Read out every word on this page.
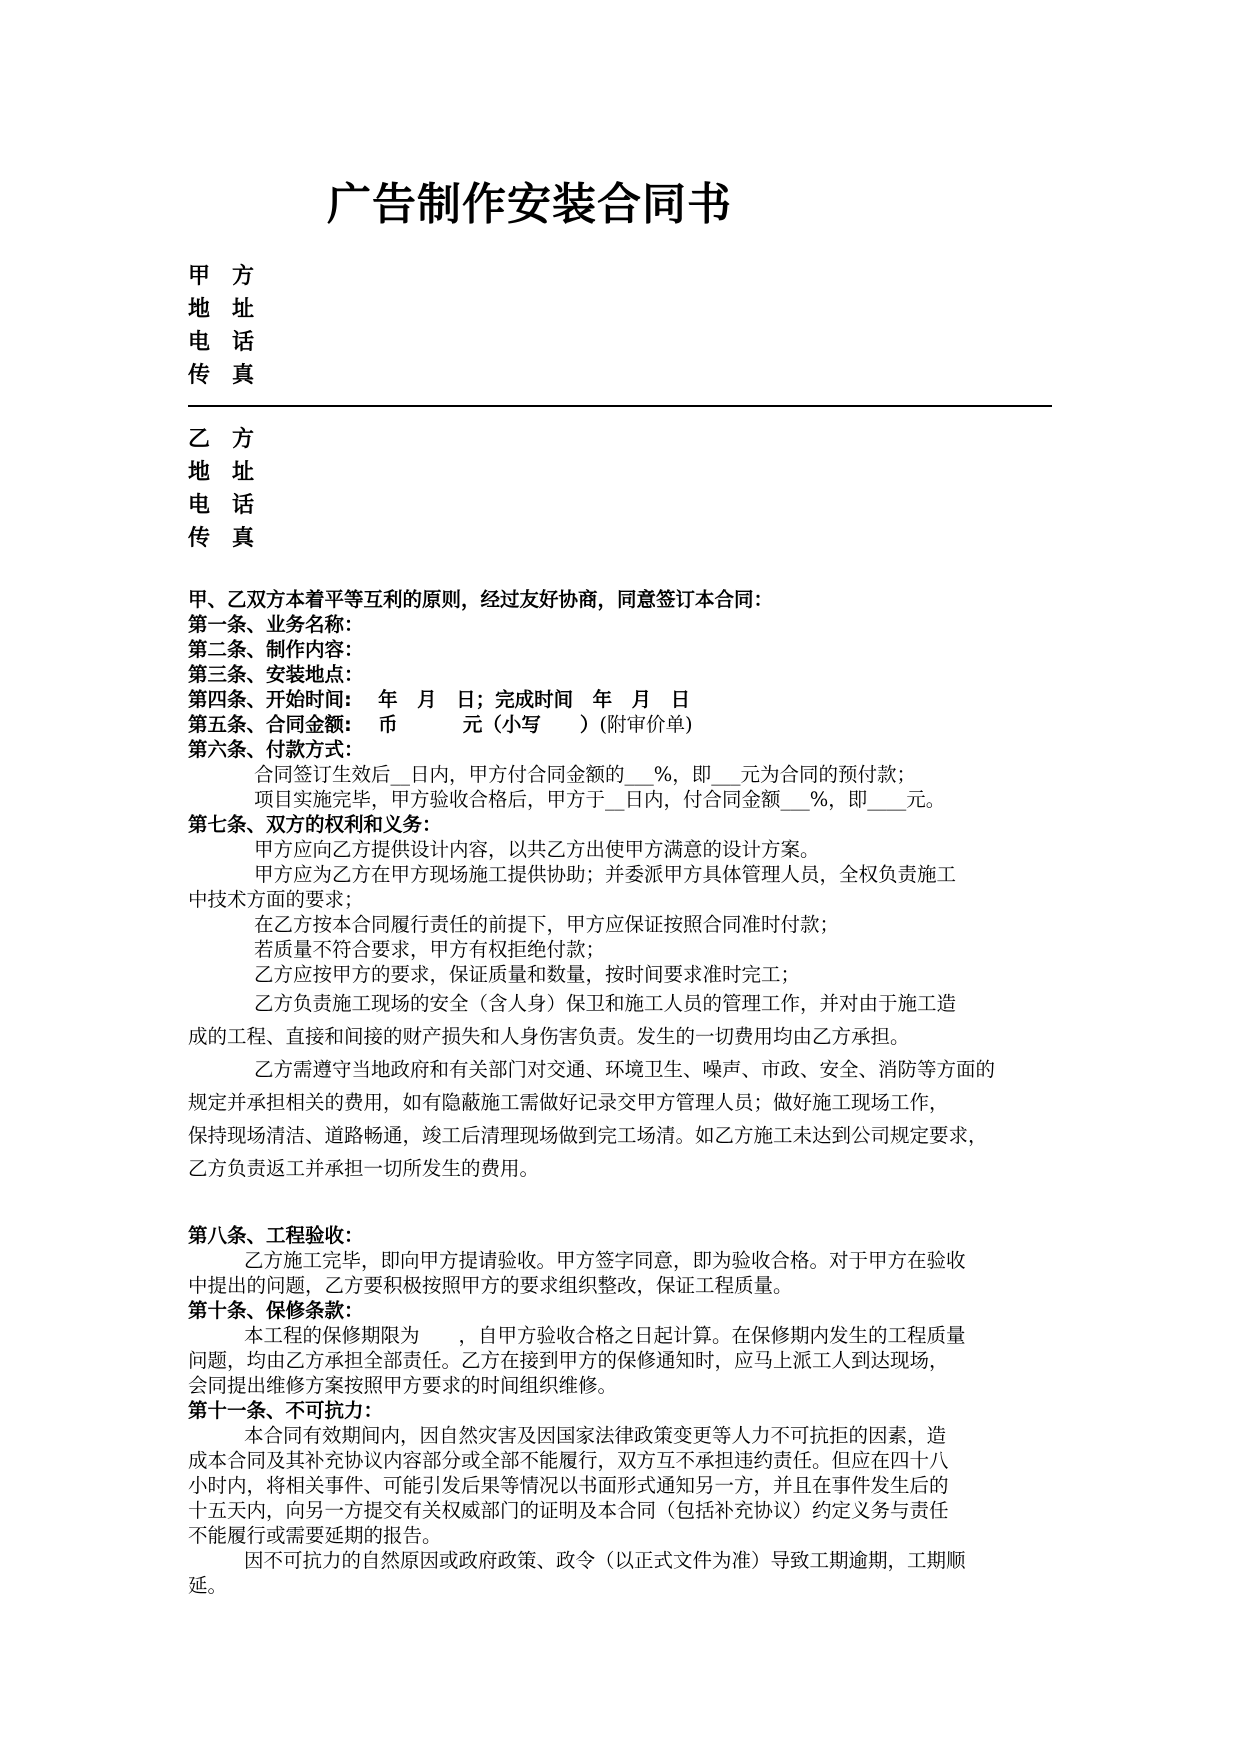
广告制作安装合同书
甲方
地址
电话
传真
乙方
地址
电话
传真
甲、乙双方本着平等互利的原则，经过友好协商，同意签订本合同：
第一条、业务名称：
第二条、制作内容：
第三条、安装地点：
第四条、开始时间:　 年　月　日；完成时间　年　月　日
第五条、合同金额:　 币　　　 元（小写　　）(附审价单)
第六条、付款方式：
合同签订生效后__日内，甲方付合同金额的___%，即___元为合同的预付款；
项目实施完毕，甲方验收合格后，甲方于__日内，付合同金额___%，即____元。
第七条、双方的权利和义务：
甲方应向乙方提供设计内容，以共乙方出使甲方满意的设计方案。
甲方应为乙方在甲方现场施工提供协助；并委派甲方具体管理人员，全权负责施工
中技术方面的要求；
在乙方按本合同履行责任的前提下，甲方应保证按照合同准时付款；
若质量不符合要求，甲方有权拒绝付款；
乙方应按甲方的要求，保证质量和数量，按时间要求准时完工；
乙方负责施工现场的安全（含人身）保卫和施工人员的管理工作，并对由于施工造
成的工程、直接和间接的财产损失和人身伤害负责。发生的一切费用均由乙方承担。
乙方需遵守当地政府和有关部门对交通、环境卫生、噪声、市政、安全、消防等方面的
规定并承担相关的费用，如有隐蔽施工需做好记录交甲方管理人员；做好施工现场工作，
保持现场清洁、道路畅通，竣工后清理现场做到完工场清。如乙方施工未达到公司规定要求，
乙方负责返工并承担一切所发生的费用。
第八条、工程验收：
乙方施工完毕，即向甲方提请验收。甲方签字同意，即为验收合格。对于甲方在验收
中提出的问题，乙方要积极按照甲方的要求组织整改，保证工程质量。
第十条、保修条款：
本工程的保修期限为　　，自甲方验收合格之日起计算。在保修期内发生的工程质量
问题，均由乙方承担全部责任。乙方在接到甲方的保修通知时，应马上派工人到达现场，
会同提出维修方案按照甲方要求的时间组织维修。
第十一条、不可抗力：
本合同有效期间内，因自然灾害及因国家法律政策变更等人力不可抗拒的因素，造
成本合同及其补充协议内容部分或全部不能履行，双方互不承担违约责任。但应在四十八
小时内，将相关事件、可能引发后果等情况以书面形式通知另一方，并且在事件发生后的
十五天内，向另一方提交有关权威部门的证明及本合同（包括补充协议）约定义务与责任
不能履行或需要延期的报告。
因不可抗力的自然原因或政府政策、政令（以正式文件为准）导致工期逾期，工期顺
延。
